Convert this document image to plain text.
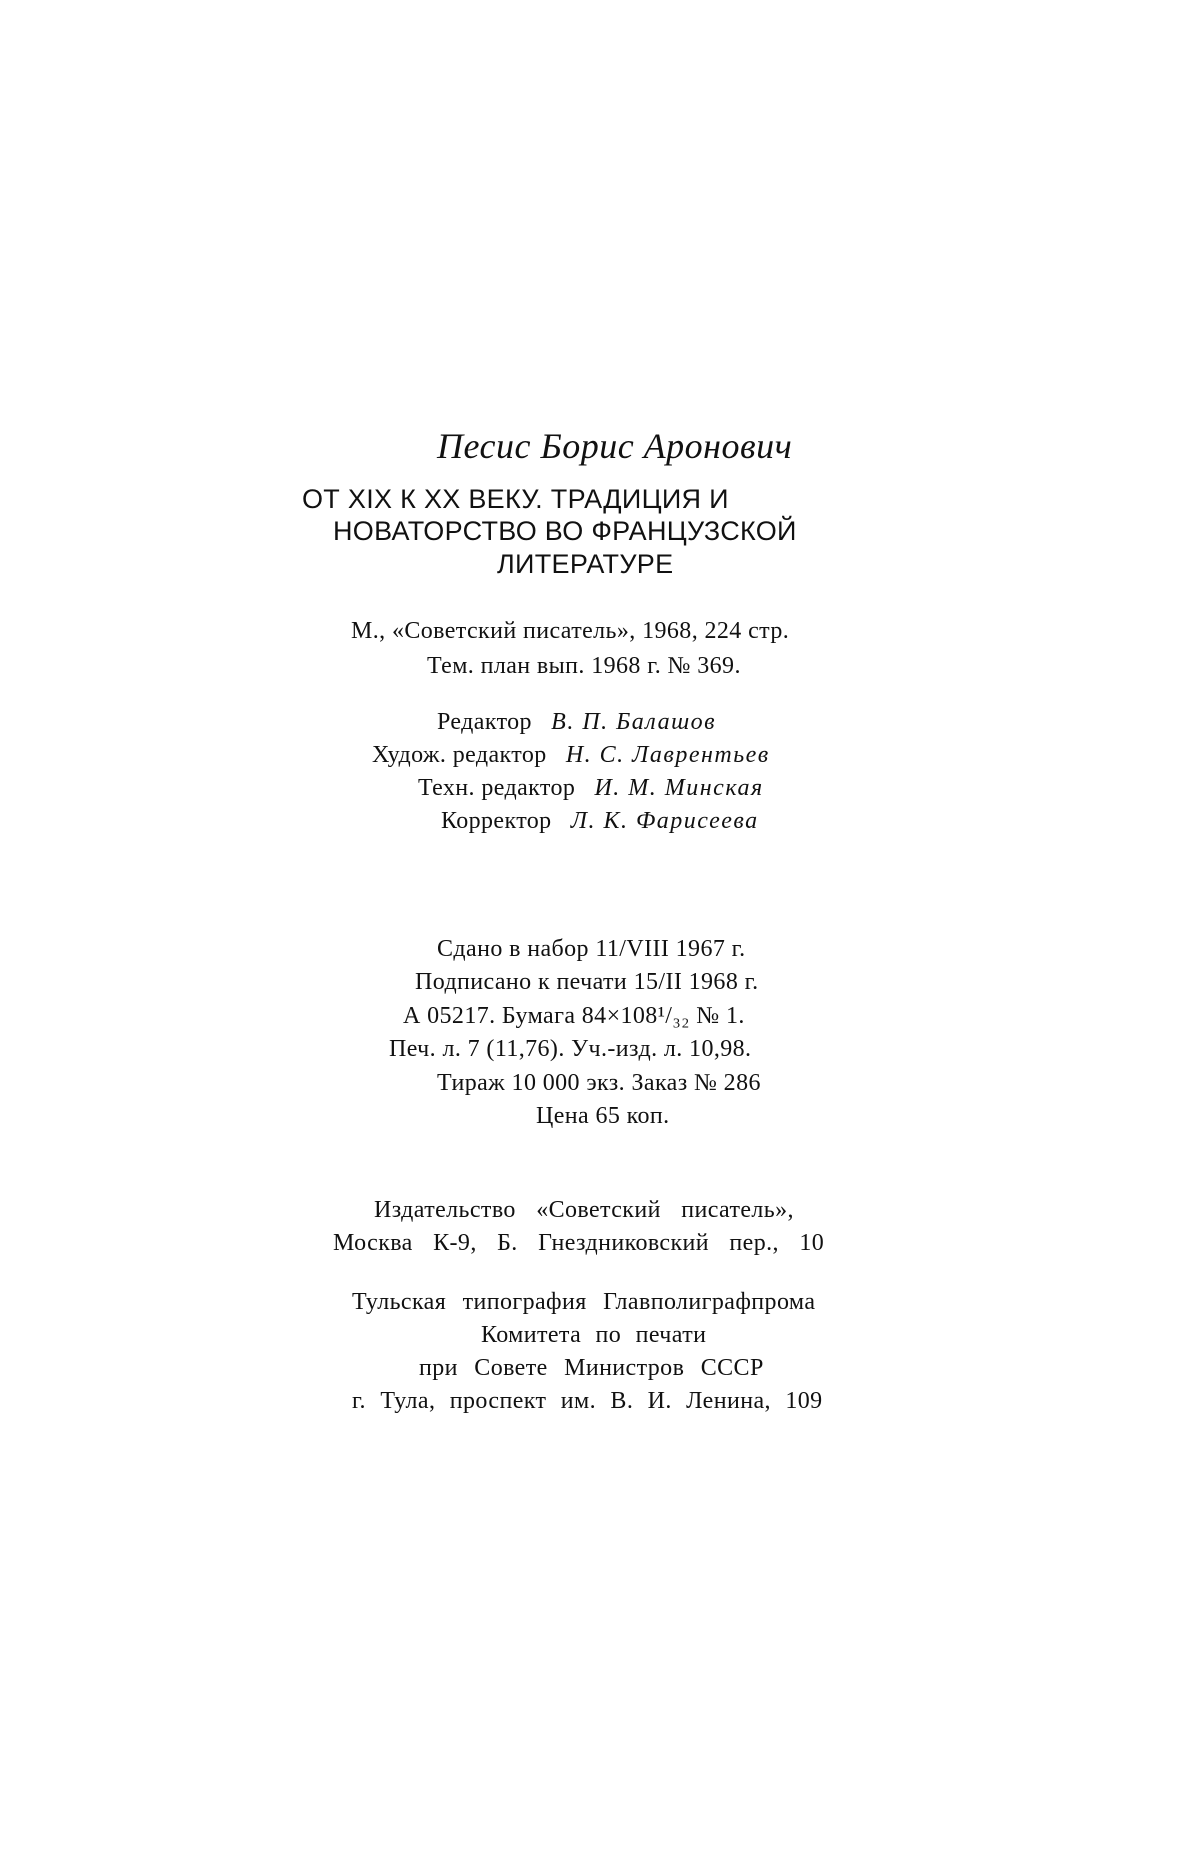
Песис Борис Аронович
ОТ XIX К XX ВЕКУ. ТРАДИЦИЯ И
НОВАТОРСТВО ВО ФРАНЦУЗСКОЙ
ЛИТЕРАТУРЕ
М., «Советский писатель», 1968, 224 стр.
Тем. план вып. 1968 г. № 369.
Редактор В. П. Балашов
Худож. редактор Н. С. Лаврентьев
Техн. редактор И. М. Минская
Корректор Л. К. Фарисеева
Сдано в набор 11/VIII 1967 г.
Подписано к печати 15/II 1968 г.
А 05217. Бумага 84×108¹/₃₂ № 1.
Печ. л. 7 (11,76). Уч.-изд. л. 10,98.
Тираж 10 000 экз. Заказ № 286
Цена 65 коп.
Издательство «Советский писатель»,
Москва К-9, Б. Гнездниковский пер., 10
Тульская типография Главполиграфпрома
Комитета по печати
при Совете Министров СССР
г. Тула, проспект им. В. И. Ленина, 109
